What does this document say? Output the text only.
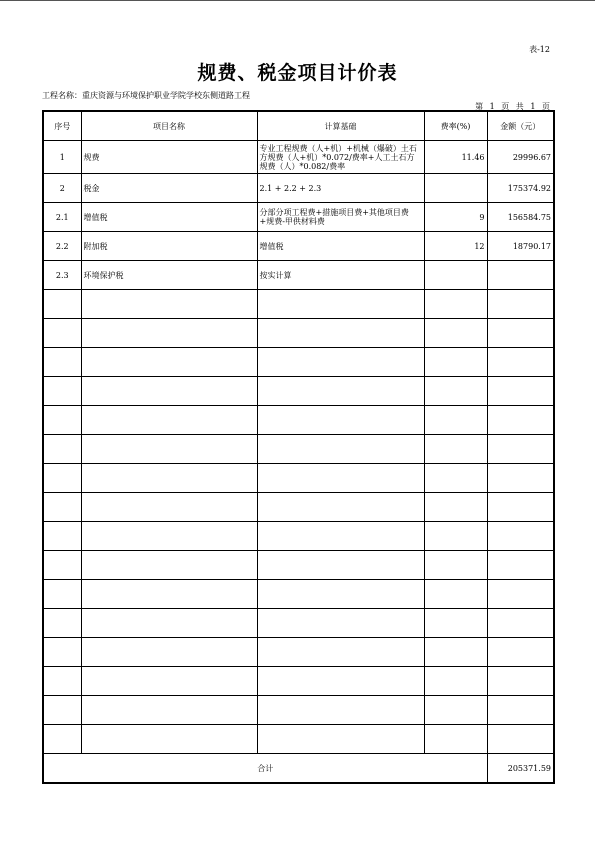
表-12
规费、税金项目计价表
工程名称：重庆资源与环境保护职业学院学校东侧道路工程
第 1 页 共 1 页
序号	项目名称	计算基础	费率(%)	金额（元）
1	规费	专业工程规费（人+机）+机械（爆破）土石方规费（人+机）*0.072/费率+人工土石方规费（人）*0.082/费率	11.46	29996.67
2	税金	2.1 + 2.2 + 2.3		175374.92
2.1	增值税	分部分项工程费+措施项目费+其他项目费+规费-甲供材料费	9	156584.75
2.2	附加税	增值税	12	18790.17
2.3	环境保护税	按实计算		

合计				205371.59
